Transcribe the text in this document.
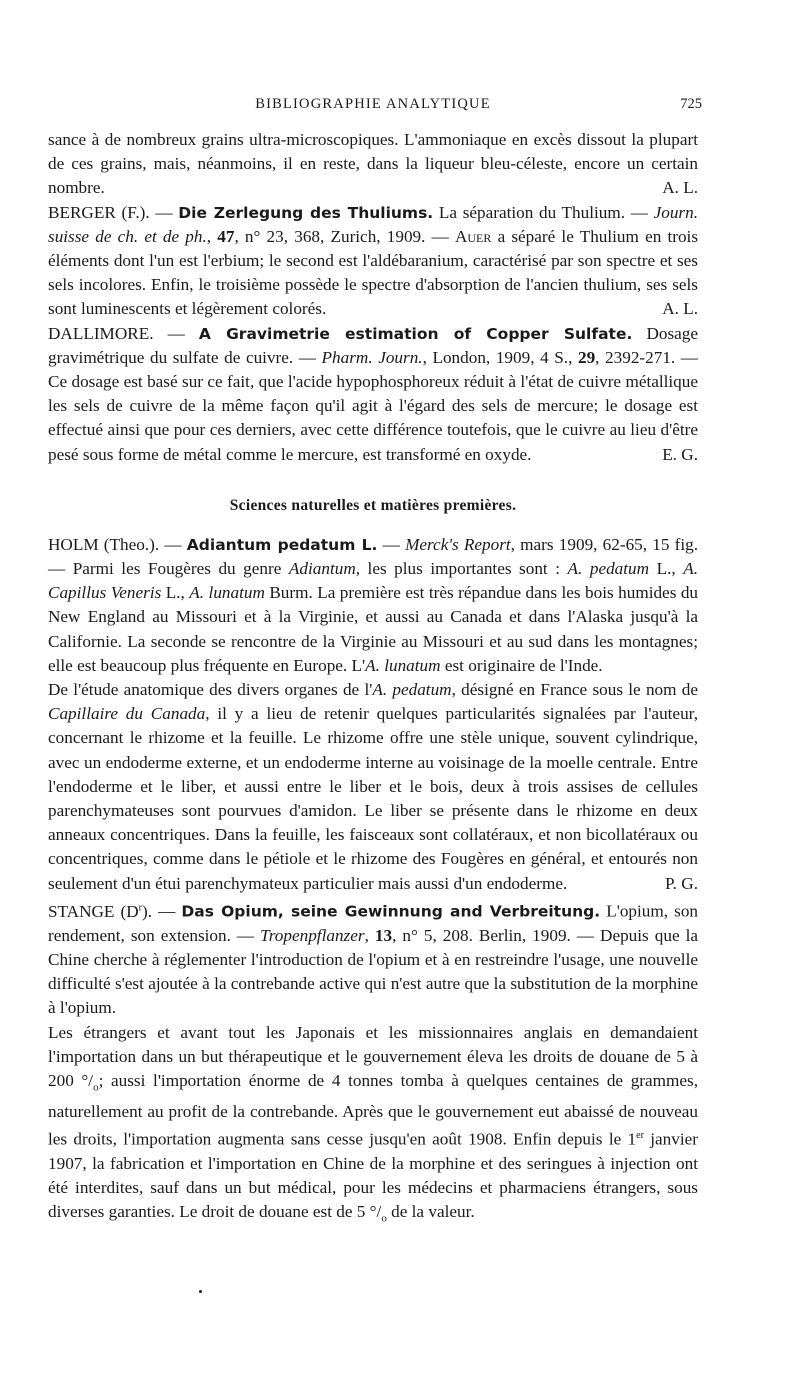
BIBLIOGRAPHIE ANALYTIQUE	725

sance à de nombreux grains ultra-microscopiques. L'ammoniaque en excès dissout la plupart de ces grains, mais, néanmoins, il en reste, dans la liqueur bleu-céleste, encore un certain nombre.	A. L.

BERGER (F.). — Die Zerlegung des Thuliums. La séparation du Thulium. — Journ. suisse de ch. et de ph., 47, n° 23, 368, Zurich, 1909. — Auer a séparé le Thulium en trois éléments dont l'un est l'erbium; le second est l'aldébaranium, caractérisé par son spectre et ses sels incolores. Enfin, le troisième possède le spectre d'absorption de l'ancien thulium, ses sels sont luminescents et légèrement colorés.	A. L.

DALLIMORE. — A Gravimetrie estimation of Copper Sulfate. Dosage gravimétrique du sulfate de cuivre. — Pharm. Journ., London, 1909, 4 S., 29, 2392-271. — Ce dosage est basé sur ce fait, que l'acide hypophosphoreux réduit à l'état de cuivre métallique les sels de cuivre de la même façon qu'il agit à l'égard des sels de mercure; le dosage est effectué ainsi que pour ces derniers, avec cette différence toutefois, que le cuivre au lieu d'être pesé sous forme de métal comme le mercure, est transformé en oxyde.	E. G.

Sciences naturelles et matières premières.

HOLM (Theo.). — Adiantum pedatum L. — Merck's Report, mars 1909, 62-65, 15 fig. — Parmi les Fougères du genre Adiantum, les plus importantes sont : A. pedatum L., A. Capillus Veneris L., A. lunatum Burm. La première est très répandue dans les bois humides du New England au Missouri et à la Virginie, et aussi au Canada et dans l'Alaska jusqu'à la Californie. La seconde se rencontre de la Virginie au Missouri et au sud dans les montagnes; elle est beaucoup plus fréquente en Europe. L'A. lunatum est originaire de l'Inde.

De l'étude anatomique des divers organes de l'A. pedatum, désigné en France sous le nom de Capillaire du Canada, il y a lieu de retenir quelques particularités signalées par l'auteur, concernant le rhizome et la feuille. Le rhizome offre une stèle unique, souvent cylindrique, avec un endoderme externe, et un endoderme interne au voisinage de la moelle centrale. Entre l'endoderme et le liber, et aussi entre le liber et le bois, deux à trois assises de cellules parenchymateuses sont pourvues d'amidon. Le liber se présente dans le rhizome en deux anneaux concentriques. Dans la feuille, les faisceaux sont collatéraux, et non bicollatéraux ou concentriques, comme dans le pétiole et le rhizome des Fougères en général, et entourés non seulement d'un étui parenchymateux particulier mais aussi d'un endoderme.	P. G.

STANGE $(D^r)$. — Das Opium, seine Gewinnung and Verbreitung. L'opium, son rendement, son extension. — Tropenpflanzer, 13, n° 5, 208. Berlin, 1909. — Depuis que la Chine cherche à réglementer l'introduction de l'opium et à en restreindre l'usage, une nouvelle difficulté s'est ajoutée à la contrebande active qui n'est autre que la substitution de la morphine à l'opium.

Les étrangers et avant tout les Japonais et les missionnaires anglais en demandaient l'importation dans un but thérapeutique et le gouvernement éleva les droits de douane de 5 à 200 $^\circ/_o$; aussi l'importation énorme de 4 tonnes tomba à quelques centaines de grammes, naturellement au profit de la contrebande. Après que le gouvernement eut abaissé de nouveau les droits, l'importation augmenta sans cesse jusqu'en août 1908. Enfin depuis le 1er janvier 1907, la fabrication et l'importation en Chine de la morphine et des seringues à injection ont été interdites, sauf dans un but médical, pour les médecins et pharmaciens étrangers, sous diverses garanties. Le droit de douane est de 5 $^\circ/_o$ de la valeur.
